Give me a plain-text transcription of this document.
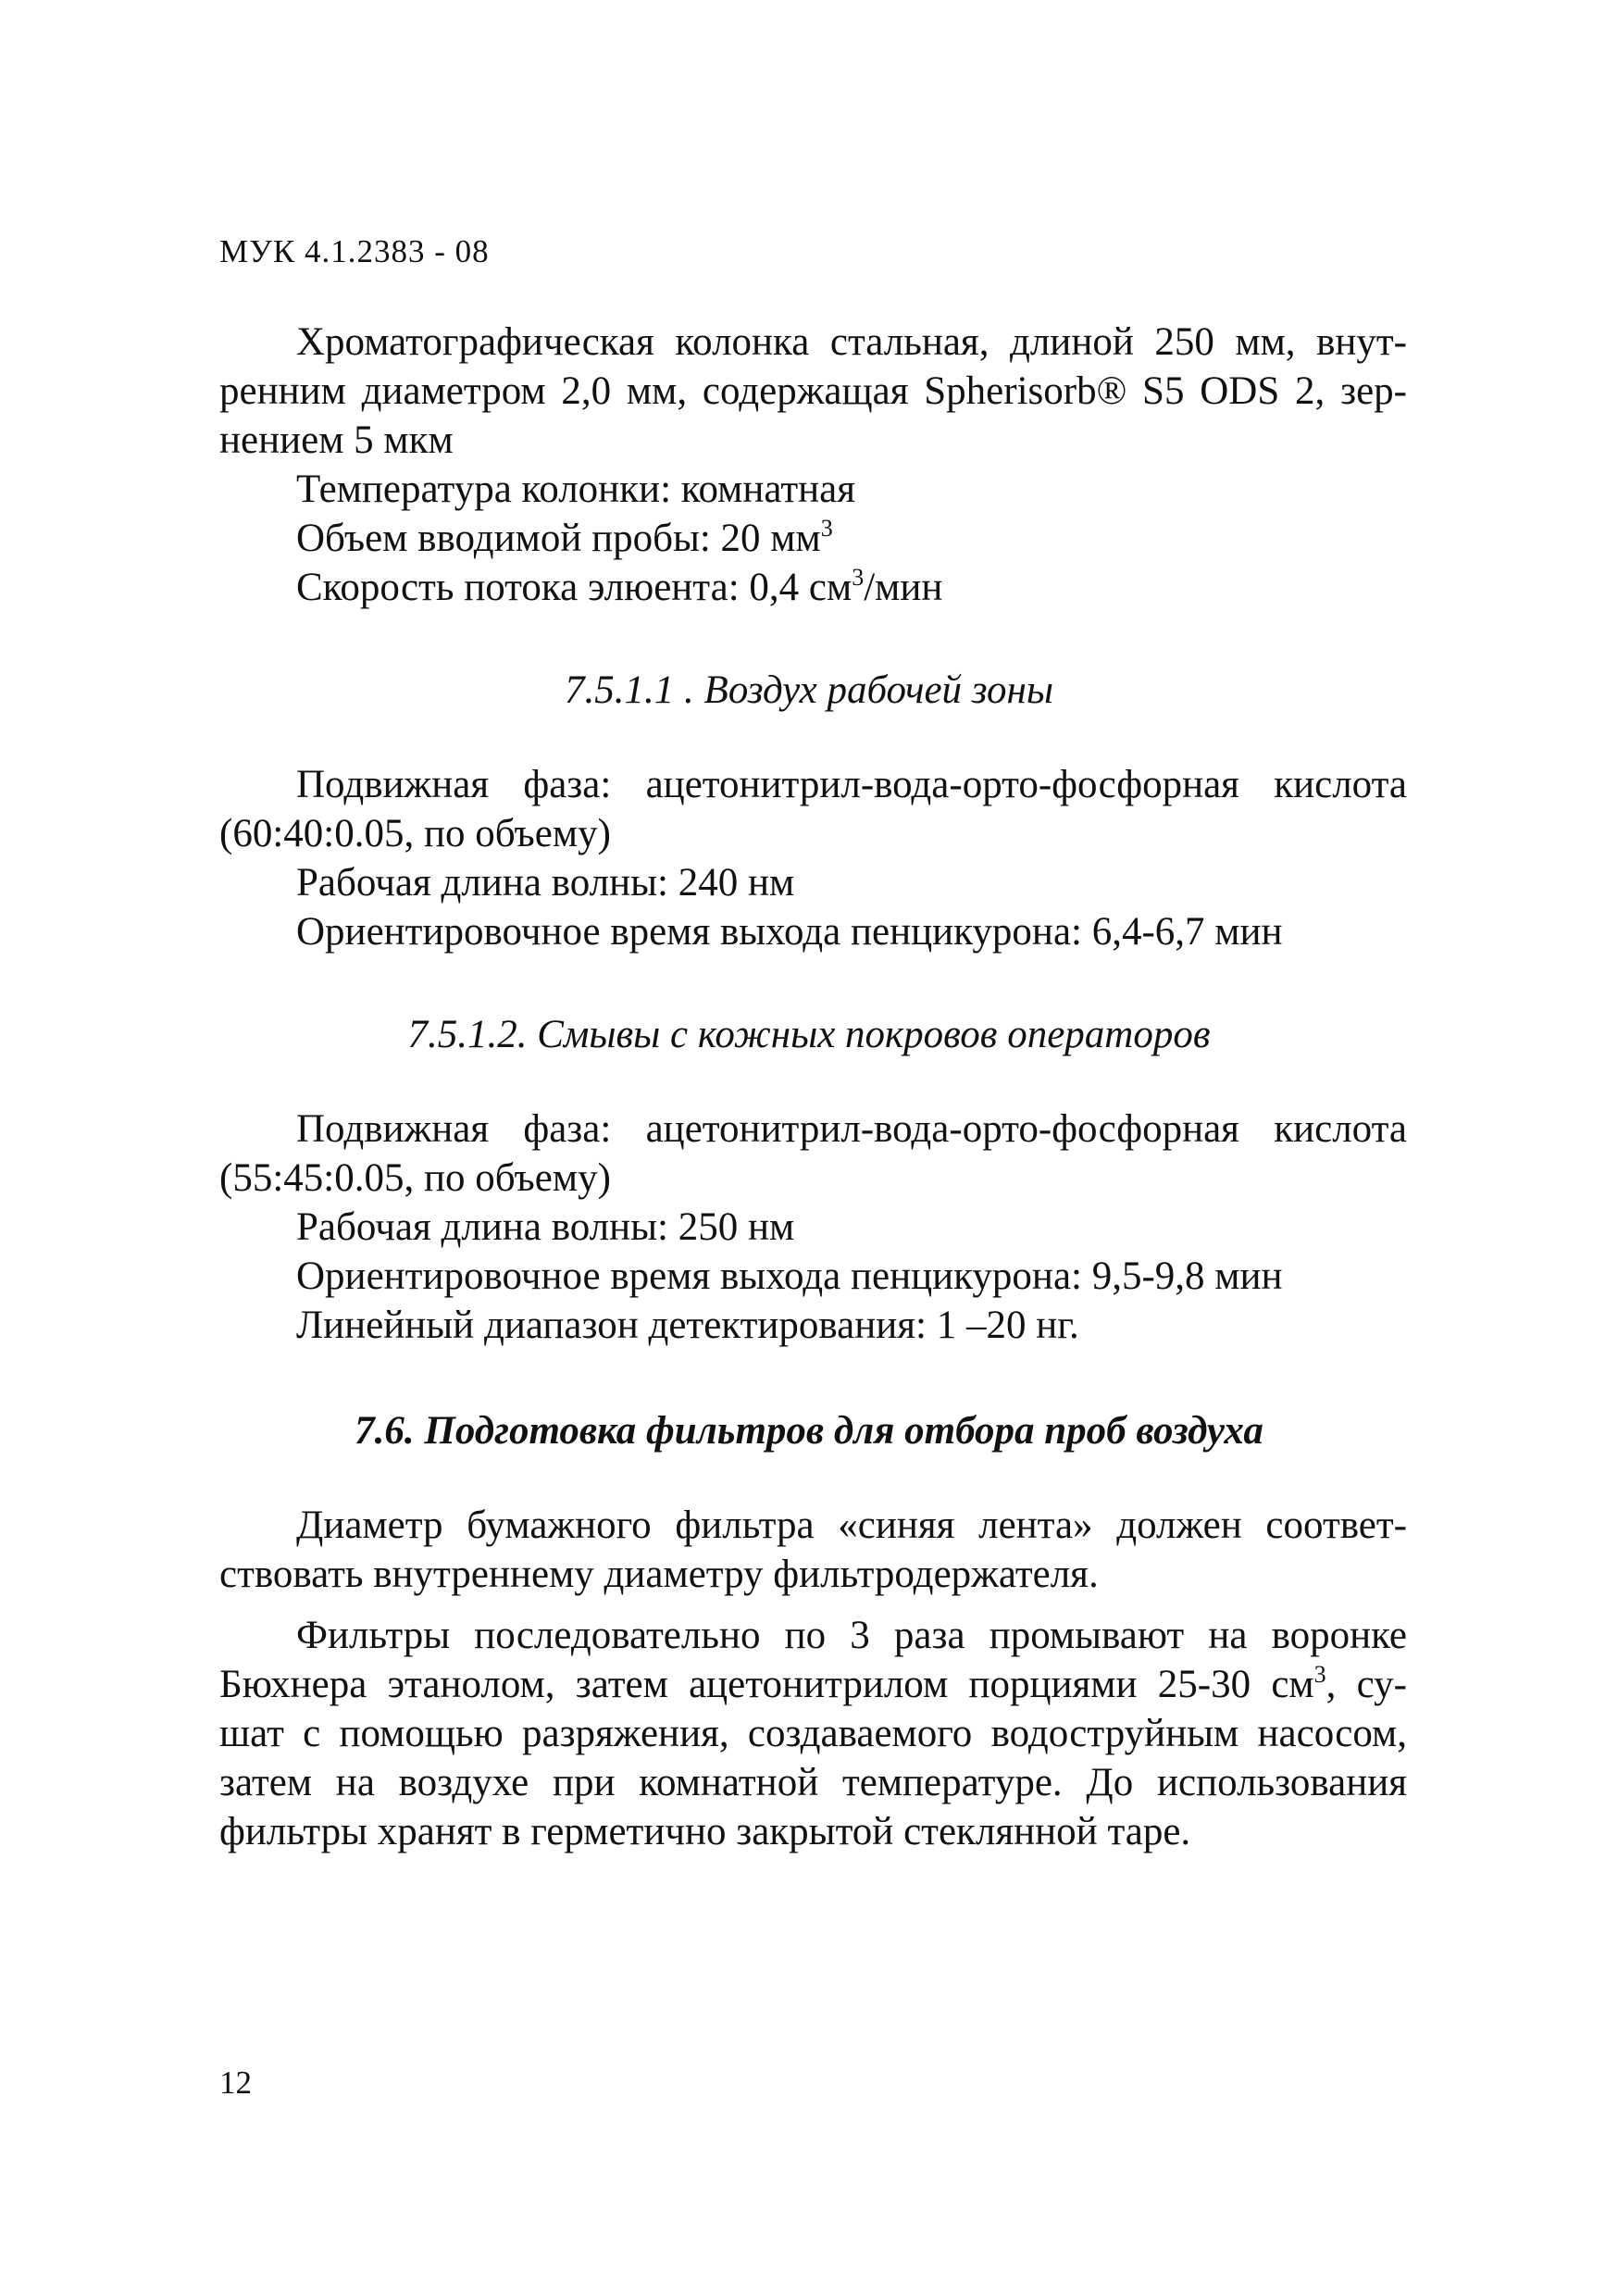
МУК 4.1.2383 - 08

Хроматографическая колонка стальная, длиной 250 мм, внут-

ренним диаметром 2,0 мм, содержащая Spherisorb® S5 ODS 2, зер-

нением 5 мкм

Температура колонки: комнатная

Объем вводимой пробы: 20 $мм^3$

Скорость потока элюента: 0,4 $см^3$/мин

7.5.1.1 . Воздух рабочей зоны

Подвижная фаза: ацетонитрил-вода-орто-фосфорная кислота

(60:40:0.05, по объему)

Рабочая длина волны: 240 нм

Ориентировочное время выхода пенцикурона: 6,4-6,7 мин

7.5.1.2. Смывы с кожных покровов операторов

Подвижная фаза: ацетонитрил-вода-орто-фосфорная кислота

(55:45:0.05, по объему)

Рабочая длина волны: 250 нм

Ориентировочное время выхода пенцикурона: 9,5-9,8 мин

Линейный диапазон детектирования: 1 –20 нг.

7.6. Подготовка фильтров для отбора проб воздуха

Диаметр бумажного фильтра «синяя лента» должен соответ-

ствовать внутреннему диаметру фильтродержателя.

Фильтры последовательно по 3 раза промывают на воронке

Бюхнера этанолом, затем ацетонитрилом порциями 25-30 $см^3$, су-

шат с помощью разряжения, создаваемого водоструйным насосом,

затем на воздухе при комнатной температуре. До использования

фильтры хранят в герметично закрытой стеклянной таре.

12
